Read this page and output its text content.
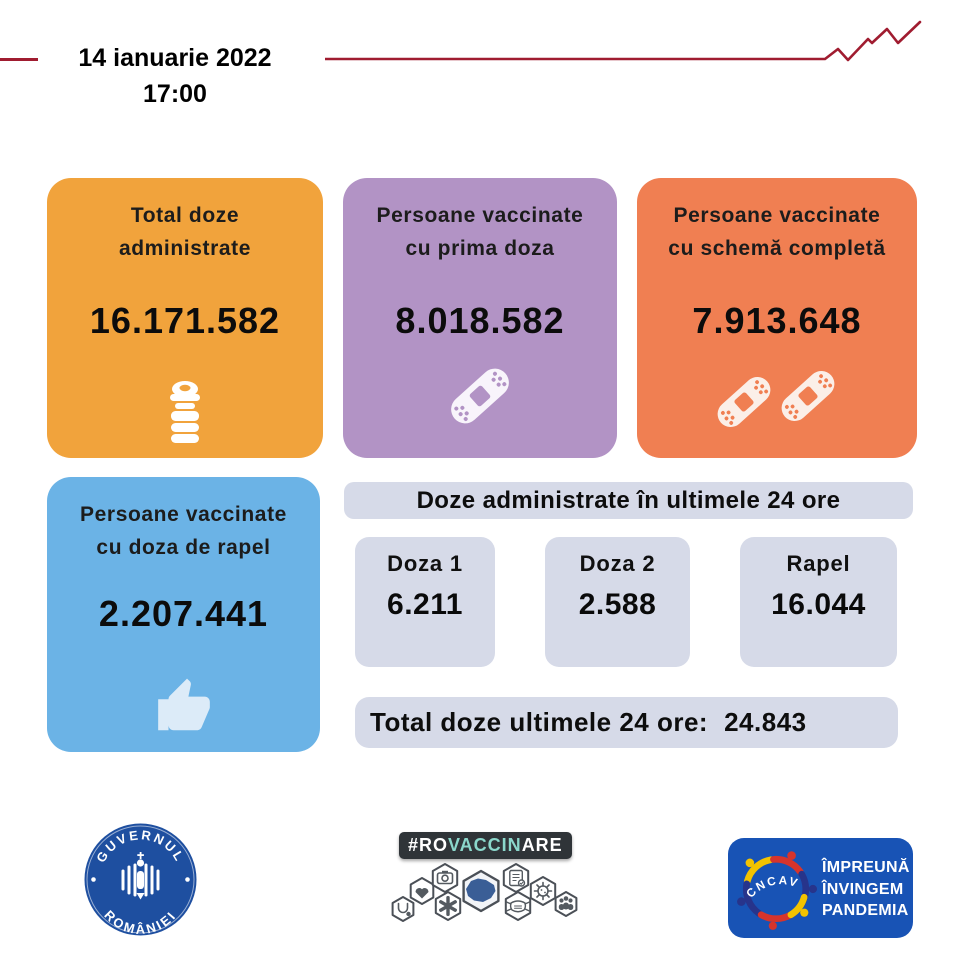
14 ianuarie 2022
17:00
Total doze
administrate
16.171.582
Persoane vaccinate
cu prima doza
8.018.582
Persoane vaccinate
cu schemă completă
7.913.648
Persoane vaccinate
cu doza de rapel
2.207.441
Doze administrate în ultimele 24 ore
Doza 1
6.211
Doza 2
2.588
Rapel
16.044
Total doze ultimele 24 ore: 24.843
GUVERNUL
ROMÂNIEI
#ROVACCINARE
CNCAV
ÎMPREUNĂ
ÎNVINGEM
PANDEMIA
